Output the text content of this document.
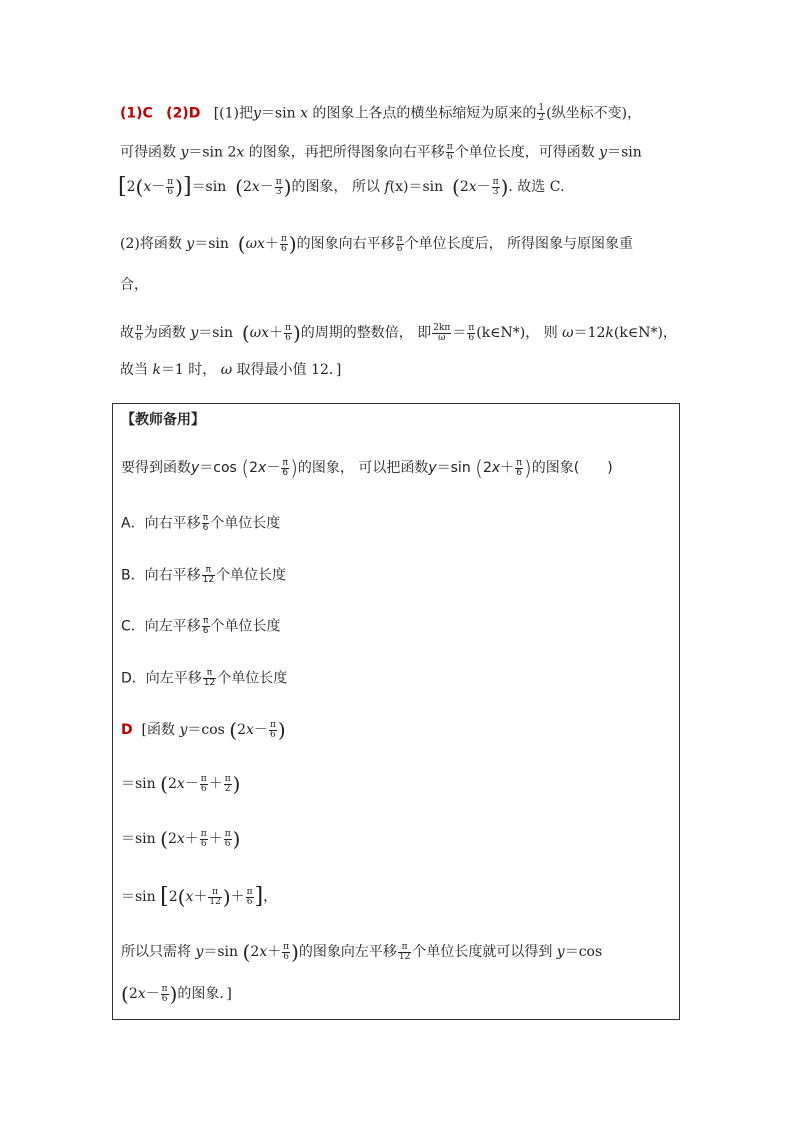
(1)C (2)D [(1)把y＝sin x 的图象上各点的横坐标缩短为原来的 $\frac{1}{2}$ (纵坐标不变)，
可得函数 y＝sin 2x 的图象，再把所得图象向右平移 $\frac{\pi}{6}$ 个单位长度，可得函数 y＝sin
$[2(x- \frac{\pi}{6} )]=\sin$  ($2x- \frac{\pi}{3}$ )的图象， 所以 f(x)＝sin  ($2x- \frac{\pi}{3}$ ). 故选 C.
(2)将函数 y＝sin  ($\omega x+ \frac{\pi}{6}$ )的图象向右平移 $\frac{\pi}{6}$ 个单位长度后， 所得图象与原图象重
合，
故 $\frac{\pi}{6}$ 为函数 y＝sin  ($\omega x+ \frac{\pi}{6}$ )的周期的整数倍， 即 $\frac{2k\pi}{\omega} = \frac{\pi}{6}$ (k∈N*)， 则 ω＝12k(k∈N*)，
故当 k＝1 时， ω 取得最小值 12．]
【教师备用】
要得到函数y＝cos ($2x- \frac{\pi}{6}$ )的图象， 可以把函数y＝sin ($2x+ \frac{\pi}{6}$ )的图象(　　)
A．向右平移 $\frac{\pi}{6}$ 个单位长度
B．向右平移 $\frac{\pi}{12}$ 个单位长度
C．向左平移 $\frac{\pi}{6}$ 个单位长度
D．向左平移 $\frac{\pi}{12}$ 个单位长度
D [函数 y＝cos ($2x- \frac{\pi}{6}$ )
＝sin ($2x- \frac{\pi}{6} + \frac{\pi}{2}$ )
＝sin ($2x+ \frac{\pi}{6} + \frac{\pi}{6}$ )
＝sin [$2(x+ \frac{\pi}{12}$ )＋ $\frac{\pi}{6}$ ]，
所以只需将 y＝sin ($2x+ \frac{\pi}{6}$ )的图象向左平移 $\frac{\pi}{12}$ 个单位长度就可以得到 y＝cos
($2x- \frac{\pi}{6}$ )的图象．]
